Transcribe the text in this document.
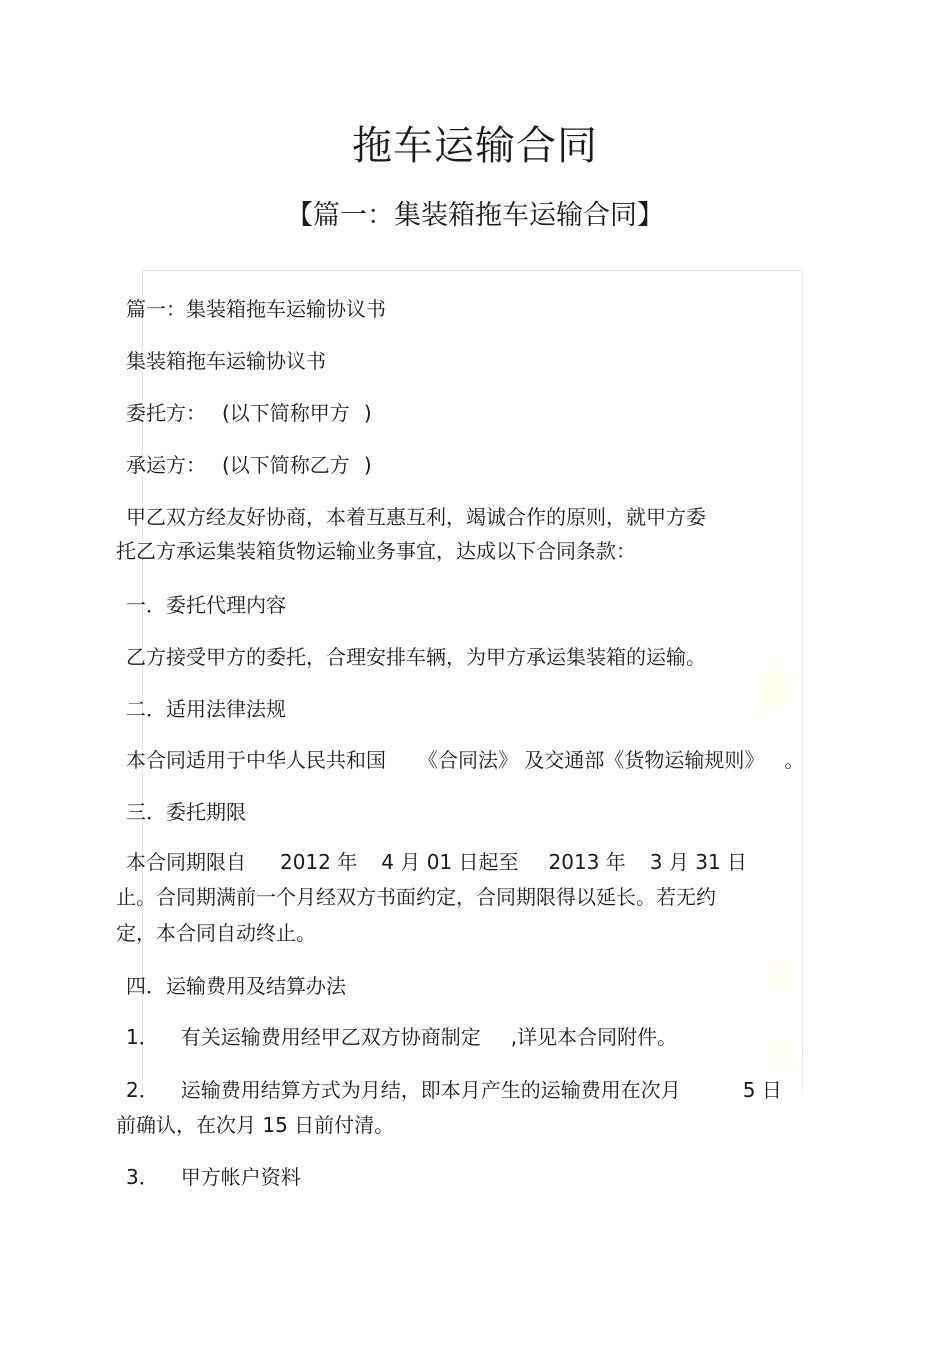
拖车运输合同
【篇一：集装箱拖车运输合同】
篇一：集装箱拖车运输协议书
集装箱拖车运输协议书
委托方： (以下简称甲方 )
承运方： (以下简称乙方 )
甲乙双方经友好协商，本着互惠互利，竭诚合作的原则，就甲方委
托乙方承运集装箱货物运输业务事宜，达成以下合同条款：
一．委托代理内容
乙方接受甲方的委托，合理安排车辆，为甲方承运集装箱的运输。
二．适用法律法规
本合同适用于中华人民共和国 《合同法》 及交通部《货物运输规则》 。
三．委托期限
本合同期限自 2012 年 4 月 01 日起至 2013 年 3 月 31 日
止。合同期满前一个月经双方书面约定，合同期限得以延长。若无约
定，本合同自动终止。
四．运输费用及结算办法
1． 有关运输费用经甲乙双方协商制定 ,详见本合同附件。
2． 运输费用结算方式为月结，即本月产生的运输费用在次月	5 日
前确认，在次月 15 日前付清。
3． 甲方帐户资料
